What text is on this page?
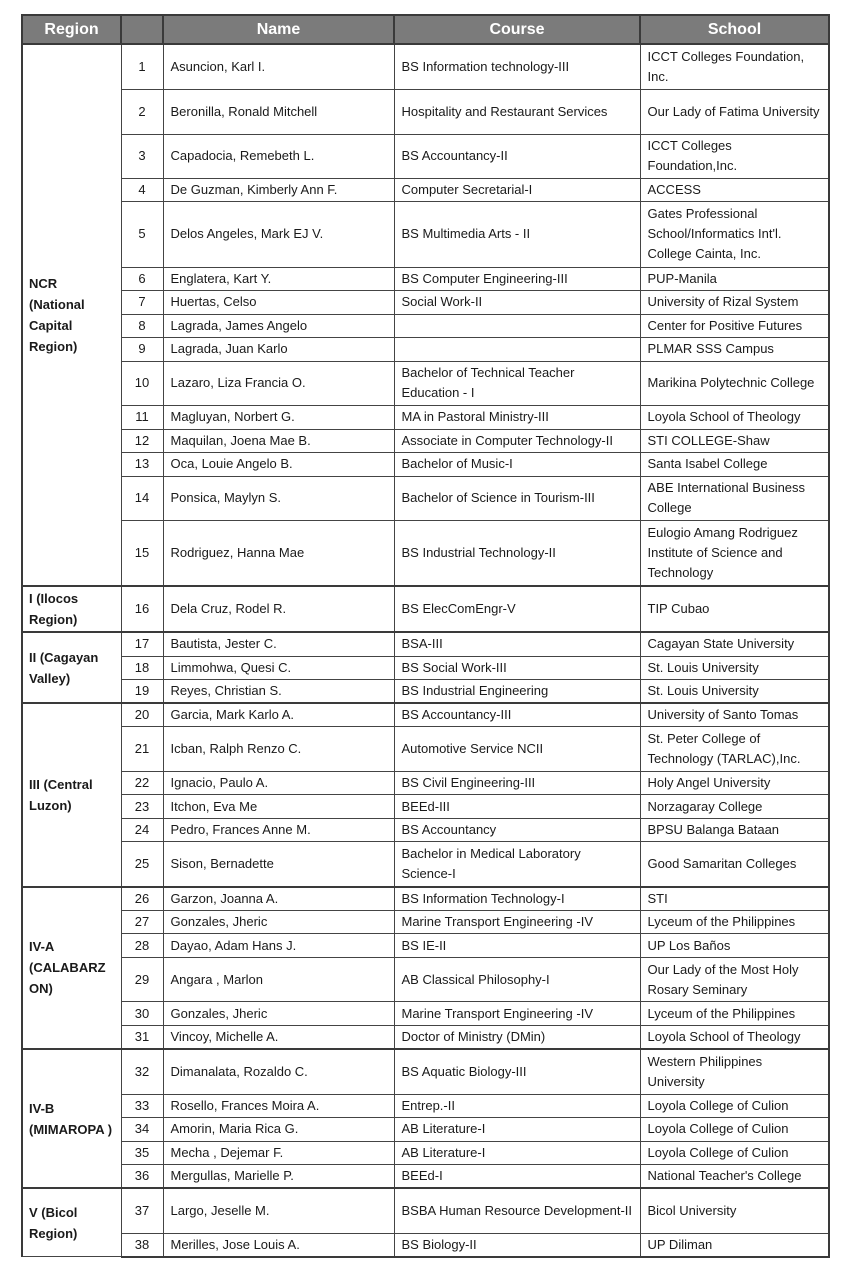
Region		Name	Course	School
NCR (National Capital Region)	1	Asuncion, Karl I.	BS Information technology-III	ICCT Colleges Foundation, Inc.
	2	Beronilla, Ronald Mitchell	Hospitality and Restaurant Services	Our Lady of Fatima University
	3	Capadocia, Remebeth L.	BS Accountancy-II	ICCT Colleges Foundation,Inc.
	4	De Guzman, Kimberly Ann F.	Computer Secretarial-I	ACCESS
	5	Delos Angeles, Mark EJ V.	BS Multimedia Arts - II	Gates Professional School/Informatics Int'l. College Cainta, Inc.
	6	Englatera, Kart Y.	BS Computer Engineering-III	PUP-Manila
	7	Huertas, Celso	Social Work-II	University of Rizal System
	8	Lagrada, James Angelo		Center for Positive Futures
	9	Lagrada, Juan Karlo		PLMAR SSS Campus
	10	Lazaro, Liza Francia O.	Bachelor of Technical Teacher Education - I	Marikina Polytechnic College
	11	Magluyan, Norbert G.	MA in Pastoral Ministry-III	Loyola School of Theology
	12	Maquilan, Joena Mae B.	Associate in Computer Technology-II	STI COLLEGE-Shaw
	13	Oca, Louie Angelo B.	Bachelor of Music-I	Santa Isabel College
	14	Ponsica, Maylyn S.	Bachelor of Science in Tourism-III	ABE International Business College
	15	Rodriguez, Hanna Mae	BS Industrial Technology-II	Eulogio Amang Rodriguez Institute of Science and Technology
I (Ilocos Region)	16	Dela Cruz, Rodel R.	BS ElecComEngr-V	TIP Cubao
II (Cagayan Valley)	17	Bautista, Jester C.	BSA-III	Cagayan State University
	18	Limmohwa, Quesi C.	BS Social Work-III	St. Louis University
	19	Reyes, Christian S.	BS Industrial Engineering	St. Louis University
III (Central Luzon)	20	Garcia, Mark Karlo A.	BS Accountancy-III	University of Santo Tomas
	21	Icban, Ralph Renzo C.	Automotive Service NCII	St. Peter College of Technology (TARLAC),Inc.
	22	Ignacio, Paulo A.	BS Civil Engineering-III	Holy Angel University
	23	Itchon, Eva Me	BEEd-III	Norzagaray College
	24	Pedro, Frances Anne M.	BS Accountancy	BPSU Balanga Bataan
	25	Sison, Bernadette	Bachelor in Medical Laboratory Science-I	Good Samaritan Colleges
IV-A (CALABARZ ON)	26	Garzon, Joanna A.	BS Information Technology-I	STI
	27	Gonzales, Jheric	Marine Transport Engineering -IV	Lyceum of the Philippines
	28	Dayao, Adam Hans J.	BS IE-II	UP Los Baños
	29	Angara , Marlon	AB Classical Philosophy-I	Our Lady of the Most Holy Rosary Seminary
	30	Gonzales, Jheric	Marine Transport Engineering -IV	Lyceum of the Philippines
	31	Vincoy, Michelle A.	Doctor of Ministry (DMin)	Loyola School of Theology
IV-B (MIMAROPA )	32	Dimanalata, Rozaldo C.	BS Aquatic Biology-III	Western Philippines University
	33	Rosello, Frances Moira A.	Entrep.-II	Loyola College of Culion
	34	Amorin, Maria Rica G.	AB Literature-I	Loyola College of Culion
	35	Mecha , Dejemar F.	AB Literature-I	Loyola College of Culion
	36	Mergullas, Marielle P.	BEEd-I	National Teacher's College
V (Bicol Region)	37	Largo, Jeselle M.	BSBA Human Resource Development-II	Bicol University
	38	Merilles, Jose Louis A.	BS Biology-II	UP Diliman
